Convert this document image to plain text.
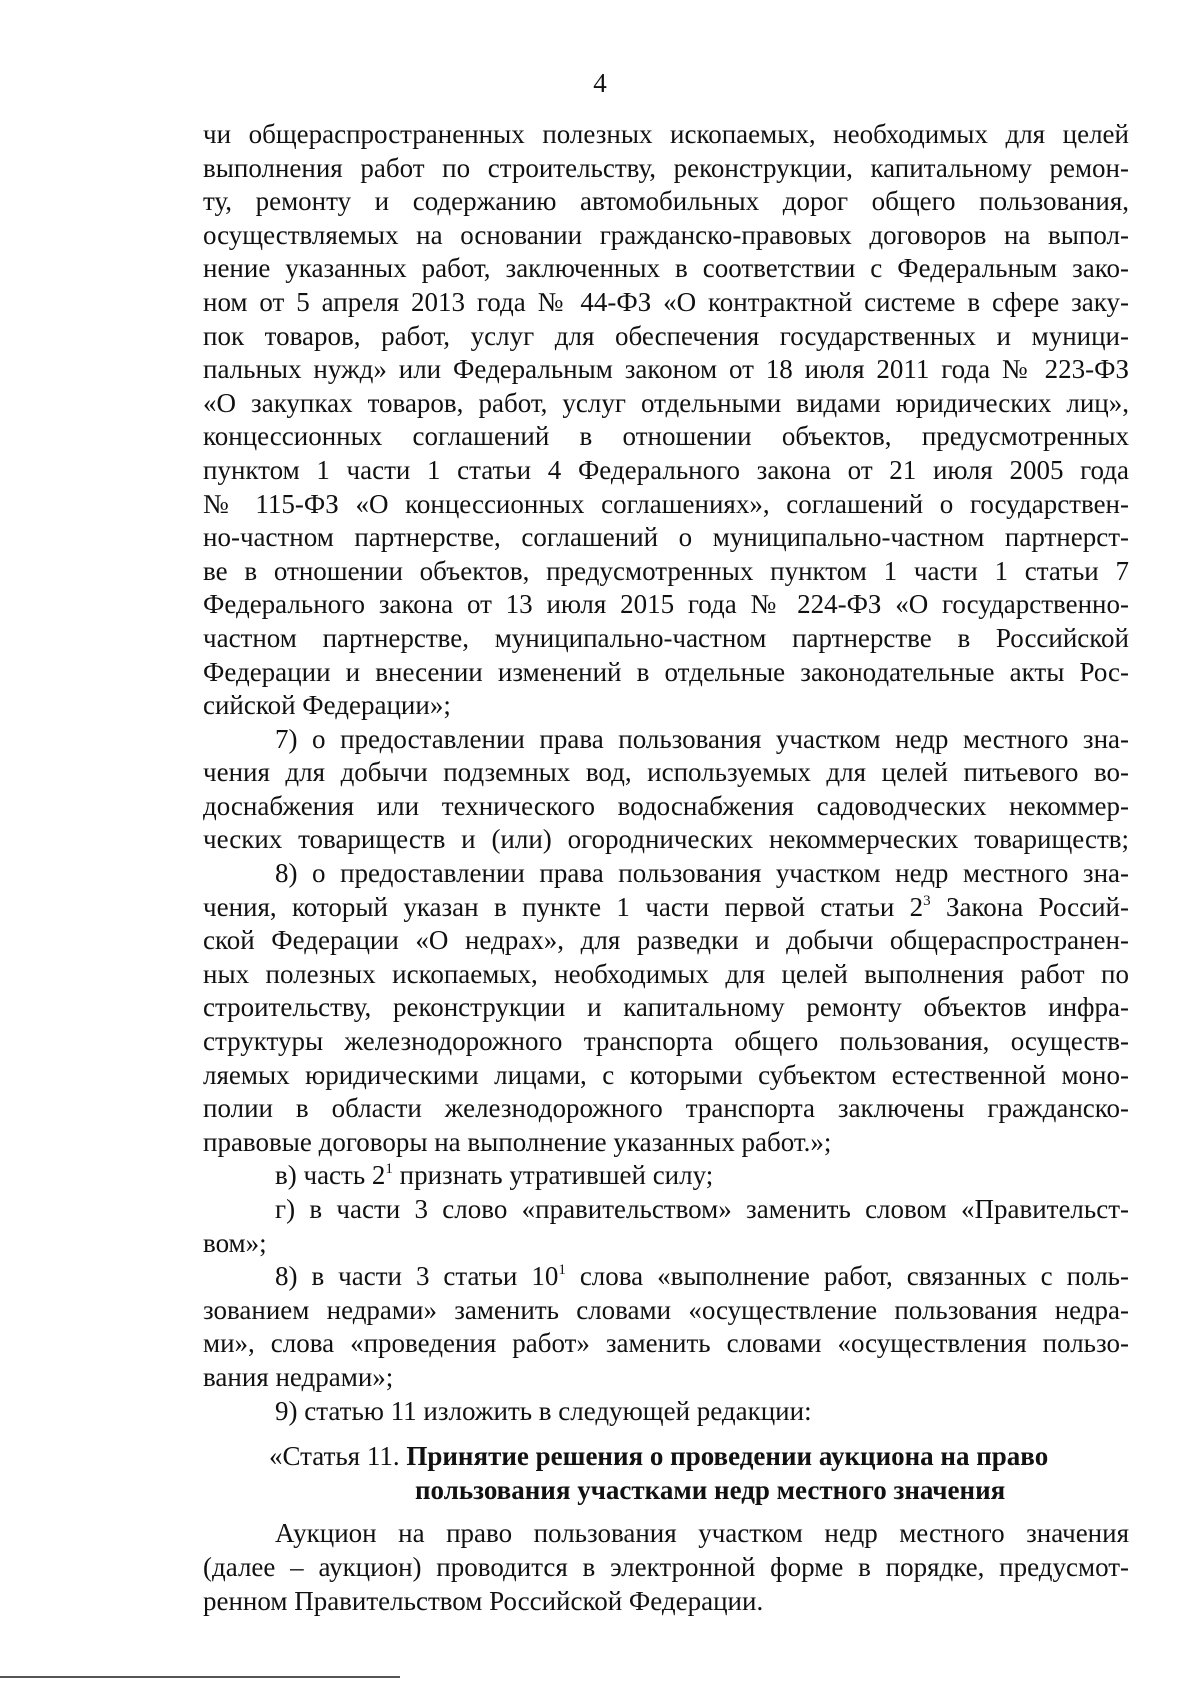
4
чи общераспространенных полезных ископаемых, необходимых для целей
выполнения работ по строительству, реконструкции, капитальному ремон-
ту, ремонту и содержанию автомобильных дорог общего пользования,
осуществляемых на основании гражданско-правовых договоров на выпол-
нение указанных работ, заключенных в соответствии с Федеральным зако-
ном от 5 апреля 2013 года № 44-ФЗ «О контрактной системе в сфере заку-
пок товаров, работ, услуг для обеспечения государственных и муници-
пальных нужд» или Федеральным законом от 18 июля 2011 года № 223-ФЗ
«О закупках товаров, работ, услуг отдельными видами юридических лиц»,
концессионных соглашений в отношении объектов, предусмотренных
пунктом 1 части 1 статьи 4 Федерального закона от 21 июля 2005 года
№ 115-ФЗ «О концессионных соглашениях», соглашений о государствен-
но-частном партнерстве, соглашений о муниципально-частном партнерст-
ве в отношении объектов, предусмотренных пунктом 1 части 1 статьи 7
Федерального закона от 13 июля 2015 года № 224-ФЗ «О государственно-
частном партнерстве, муниципально-частном партнерстве в Российской
Федерации и внесении изменений в отдельные законодательные акты Рос-
сийской Федерации»;
7) о предоставлении права пользования участком недр местного зна-
чения для добычи подземных вод, используемых для целей питьевого во-
доснабжения или технического водоснабжения садоводческих некоммер-
ческих товариществ и (или) огороднических некоммерческих товариществ;
8) о предоставлении права пользования участком недр местного зна-
чения, который указан в пункте 1 части первой статьи $2^3$ Закона Россий-
ской Федерации «О недрах», для разведки и добычи общераспространен-
ных полезных ископаемых, необходимых для целей выполнения работ по
строительству, реконструкции и капитальному ремонту объектов инфра-
структуры железнодорожного транспорта общего пользования, осуществ-
ляемых юридическими лицами, с которыми субъектом естественной моно-
полии в области железнодорожного транспорта заключены гражданско-
правовые договоры на выполнение указанных работ.»;
в) часть $2^1$ признать утратившей силу;
г) в части 3 слово «правительством» заменить словом «Правительст-
вом»;
8) в части 3 статьи $10^1$ слова «выполнение работ, связанных с поль-
зованием недрами» заменить словами «осуществление пользования недра-
ми», слова «проведения работ» заменить словами «осуществления пользо-
вания недрами»;
9) статью 11 изложить в следующей редакции:
«Статья 11. Принятие решения о проведении аукциона на право
пользования участками недр местного значения
Аукцион на право пользования участком недр местного значения
(далее – аукцион) проводится в электронной форме в порядке, предусмот-
ренном Правительством Российской Федерации.
